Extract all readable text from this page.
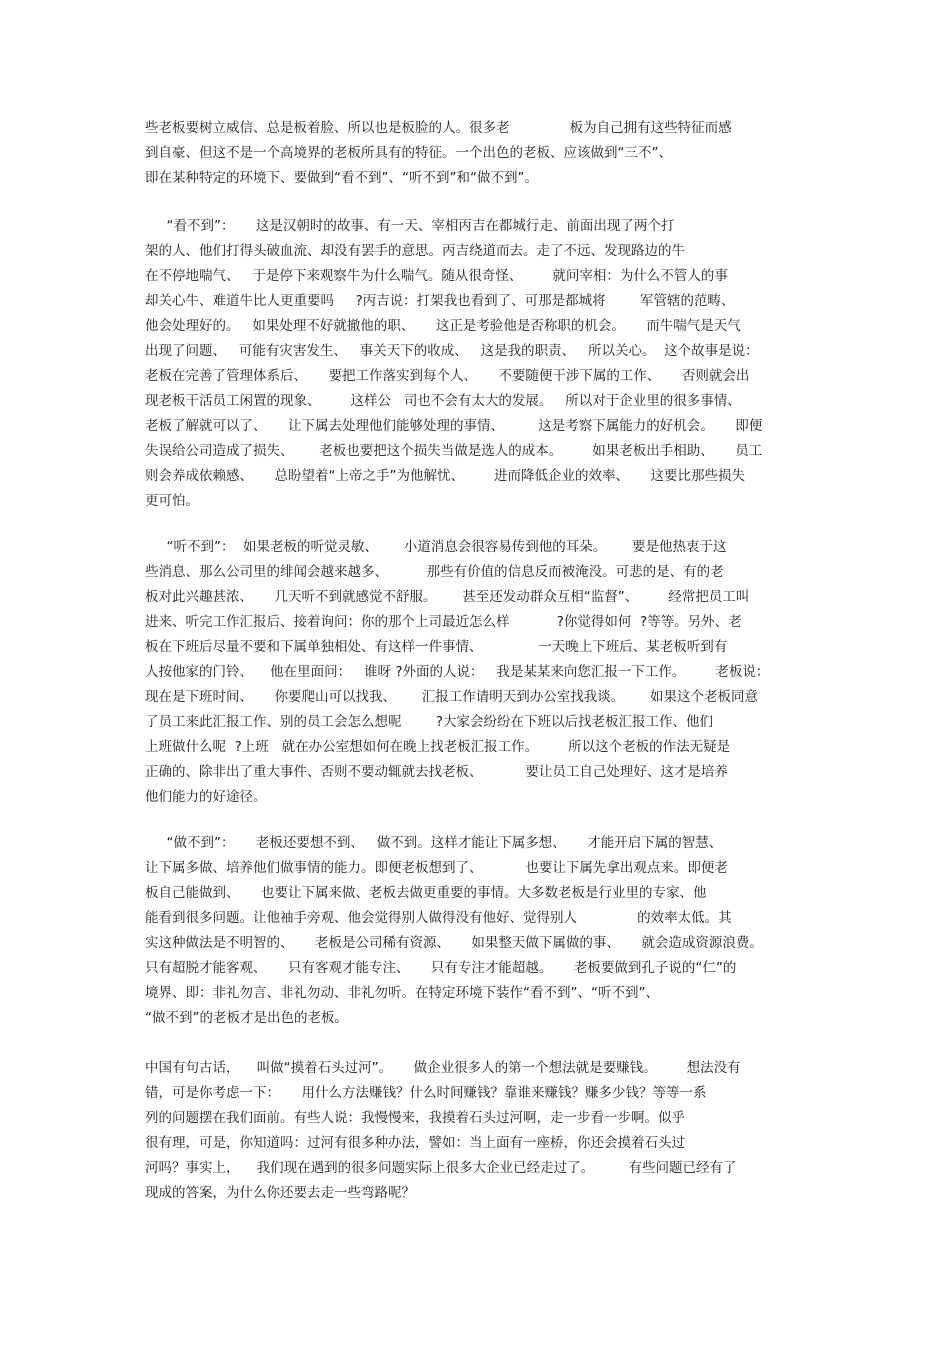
些老板要树立威信、总是板着脸、所以也是板脸的人。很多老              板为自己拥有这些特征而感
到自豪、但这不是一个高境界的老板所具有的特征。一个出色的老板、应该做到“三不”、
即在某种特定的环境下、要做到“看不到”、“听不到”和“做不到”。
“看不到”：     这是汉朝时的故事、有一天、宰相丙吉在都城行走、前面出现了两个打
架的人、他们打得头破血流、却没有罢手的意思。丙吉绕道而去。走了不远、发现路边的牛
在不停地喘气、   于是停下来观察牛为什么喘气。随从很奇怪、       就问宰相：为什么不管人的事
却关心牛、难道牛比人更重要吗     ?丙吉说：打架我也看到了、可那是都城将        军管辖的范畴、
他会处理好的。   如果处理不好就撤他的职、     这正是考验他是否称职的机会。     而牛喘气是天气
出现了问题、   可能有灾害发生、   事关天下的收成、   这是我的职责、   所以关心。  这个故事是说：
老板在完善了管理体系后、     要把工作落实到每个人、     不要随便干涉下属的工作、     否则就会出
现老板干活员工闲置的现象、       这样公   司也不会有太大的发展。   所以对于企业里的很多事情、
老板了解就可以了、     让下属去处理他们能够处理的事情、        这是考察下属能力的好机会。     即便
失误给公司造成了损失、      老板也要把这个损失当做是选人的成本。       如果老板出手相助、     员工
则会养成依赖感、     总盼望着“上帝之手”为他解忧、       进而降低企业的效率、     这要比那些损失
更可怕。
“听不到”：  如果老板的听觉灵敏、      小道消息会很容易传到他的耳朵。      要是他热衷于这
些消息、那么公司里的绯闻会越来越多、         那些有价值的信息反而被淹没。可悲的是、有的老
板对此兴趣甚浓、     几天听不到就感觉不舒服。      甚至还发动群众互相“监督”、       经常把员工叫
进来、听完工作汇报后、接着询问：你的那个上司最近怎么样           ?你觉得如何  ?等等。另外、老
板在下班后尽量不要和下属单独相处、有这样一件事情、             一天晚上下班后、某老板听到有
人按他家的门铃、    他在里面问：   谁呀 ?外面的人说：   我是某某来向您汇报一下工作。       老板说：
现在是下班时间、     你要爬山可以找我、      汇报工作请明天到办公室找我谈。      如果这个老板同意
了员工来此汇报工作、别的员工会怎么想呢        ?大家会纷纷在下班以后找老板汇报工作、他们
上班做什么呢  ?上班   就在办公室想如何在晚上找老板汇报工作。       所以这个老板的作法无疑是
正确的、除非出了重大事件、否则不要动辄就去找老板、          要让员工自己处理好、这才是培养
他们能力的好途径。
“做不到”：     老板还要想不到、   做不到。这样才能让下属多想、     才能开启下属的智慧、
让下属多做、培养他们做事情的能力。即便老板想到了、          也要让下属先拿出观点来。即便老
板自己能做到、     也要让下属来做、老板去做更重要的事情。大多数老板是行业里的专家、他
能看到很多问题。让他袖手旁观、他会觉得别人做得没有他好、觉得别人              的效率太低。其
实这种做法是不明智的、     老板是公司稀有资源、     如果整天做下属做的事、     就会造成资源浪费。
只有超脱才能客观、     只有客观才能专注、     只有专注才能超越。     老板要做到孔子说的“仁”的
境界、即：非礼勿言、非礼勿动、非礼勿听。在特定环境下装作“看不到”、“听不到”、
“做不到”的老板才是出色的老板。
中国有句古话，    叫做“摸着石头过河”。     做企业很多人的第一个想法就是要赚钱。       想法没有
错，可是你考虑一下：     用什么方法赚钱？什么时间赚钱？靠谁来赚钱？赚多少钱？等等一系
列的问题摆在我们面前。有些人说：我慢慢来，我摸着石头过河啊，走一步看一步啊。似乎
很有理，可是，你知道吗：过河有很多种办法，譬如：当上面有一座桥，你还会摸着石头过
河吗？事实上，    我们现在遇到的很多问题实际上很多大企业已经走过了。        有些问题已经有了
现成的答案，为什么你还要去走一些弯路呢？
